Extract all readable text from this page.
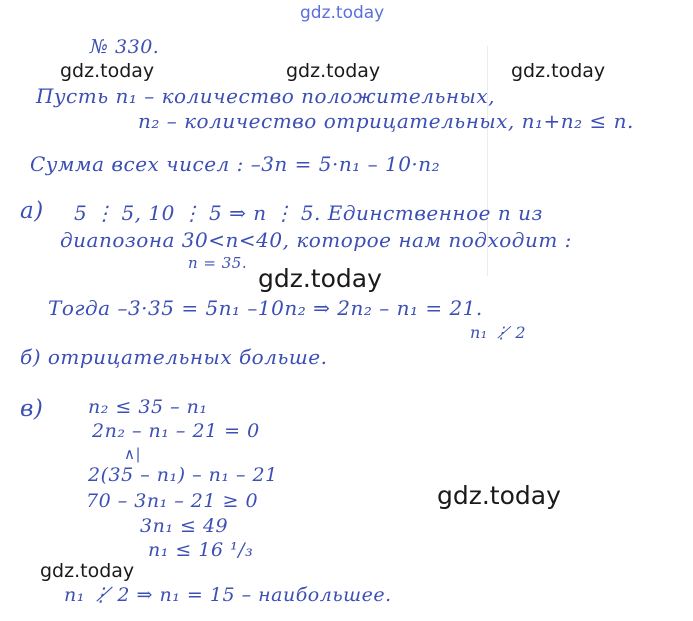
gdz.today
gdz.today	gdz.today	gdz.today
gdz.today
gdz.today
gdz.today
№ 330.
Пусть n₁ – количество положительных,
n₂ – количество отрицательных, n₁+n₂ ≤ n.
Сумма всех чисел : –3n = 5·n₁ – 10·n₂
а) 5 ⋮ 5, 10 ⋮ 5 ⇒ n ⋮ 5. Единственное n из
диапозона 30<n<40, которое нам подходит :
n = 35.
Тогда –3·35 = 5n₁ –10n₂ ⇒ 2n₂ – n₁ = 21.
n₁ ⋮̸ 2
б) отрицательных больше.
в) n₂ ≤ 35 – n₁
2n₂ – n₁ – 21 = 0
∧|
2(35 – n₁) – n₁ – 21
70 – 3n₁ – 21 ≥ 0
3n₁ ≤ 49
n₁ ≤ 16 ¹/₃
n₁ ⋮̸ 2 ⇒ n₁ = 15 – наибольшее.
